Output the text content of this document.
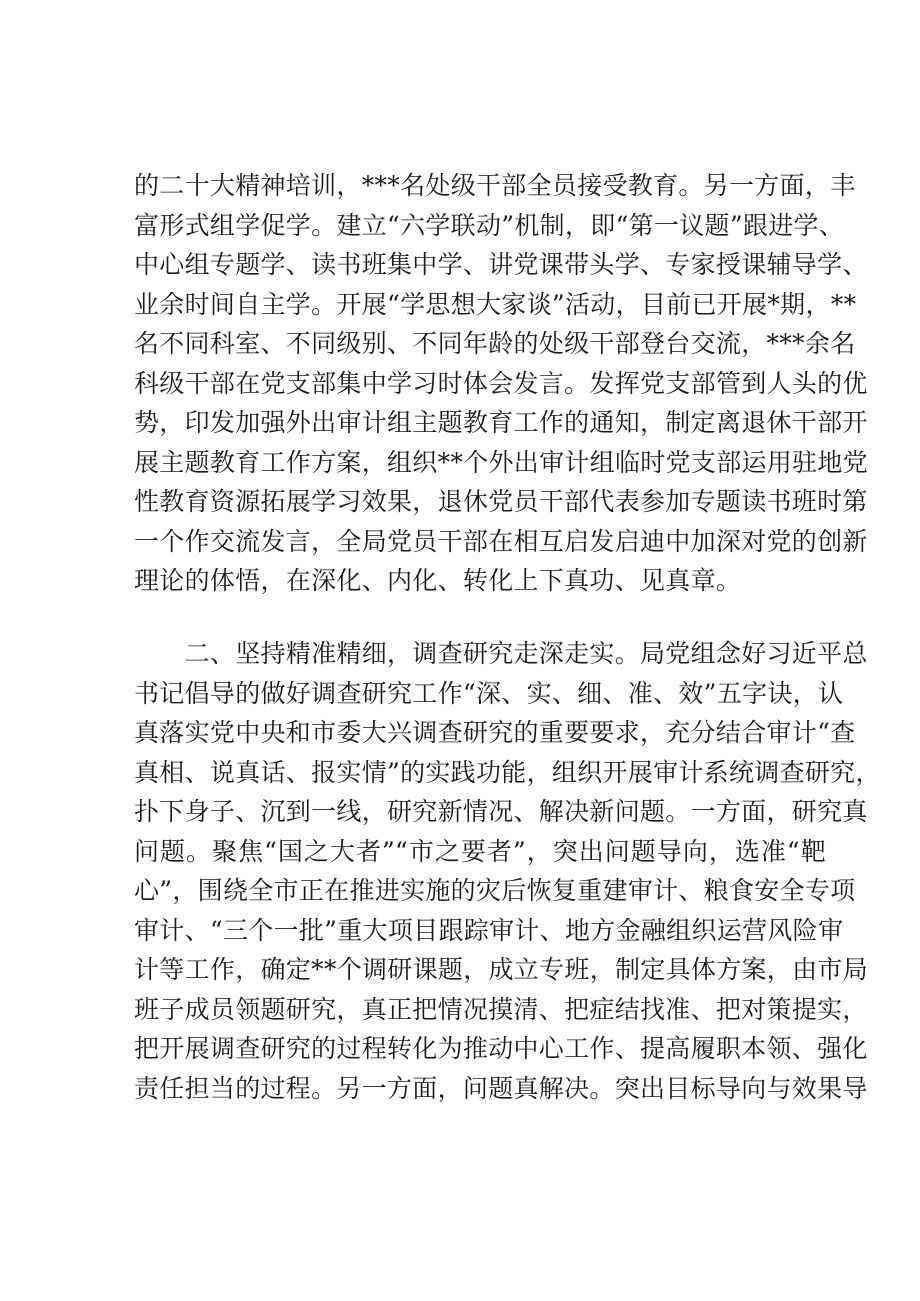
的二十大精神培训，***名处级干部全员接受教育。另一方面，丰
富形式组学促学。建立“六学联动”机制，即“第一议题”跟进学、
中心组专题学、读书班集中学、讲党课带头学、专家授课辅导学、
业余时间自主学。开展“学思想大家谈”活动，目前已开展*期，**
名不同科室、不同级别、不同年龄的处级干部登台交流，***余名
科级干部在党支部集中学习时体会发言。发挥党支部管到人头的优
势，印发加强外出审计组主题教育工作的通知，制定离退休干部开
展主题教育工作方案，组织**个外出审计组临时党支部运用驻地党
性教育资源拓展学习效果，退休党员干部代表参加专题读书班时第
一个作交流发言，全局党员干部在相互启发启迪中加深对党的创新
理论的体悟，在深化、内化、转化上下真功、见真章。
　　二、坚持精准精细，调查研究走深走实。局党组念好习近平总
书记倡导的做好调查研究工作“深、实、细、准、效”五字诀，认
真落实党中央和市委大兴调查研究的重要要求，充分结合审计“查
真相、说真话、报实情”的实践功能，组织开展审计系统调查研究，
扑下身子、沉到一线，研究新情况、解决新问题。一方面，研究真
问题。聚焦“国之大者”“市之要者”，突出问题导向，选准“靶
心”，围绕全市正在推进实施的灾后恢复重建审计、粮食安全专项
审计、“三个一批”重大项目跟踪审计、地方金融组织运营风险审
计等工作，确定**个调研课题，成立专班，制定具体方案，由市局
班子成员领题研究，真正把情况摸清、把症结找准、把对策提实，
把开展调查研究的过程转化为推动中心工作、提高履职本领、强化
责任担当的过程。另一方面，问题真解决。突出目标导向与效果导
